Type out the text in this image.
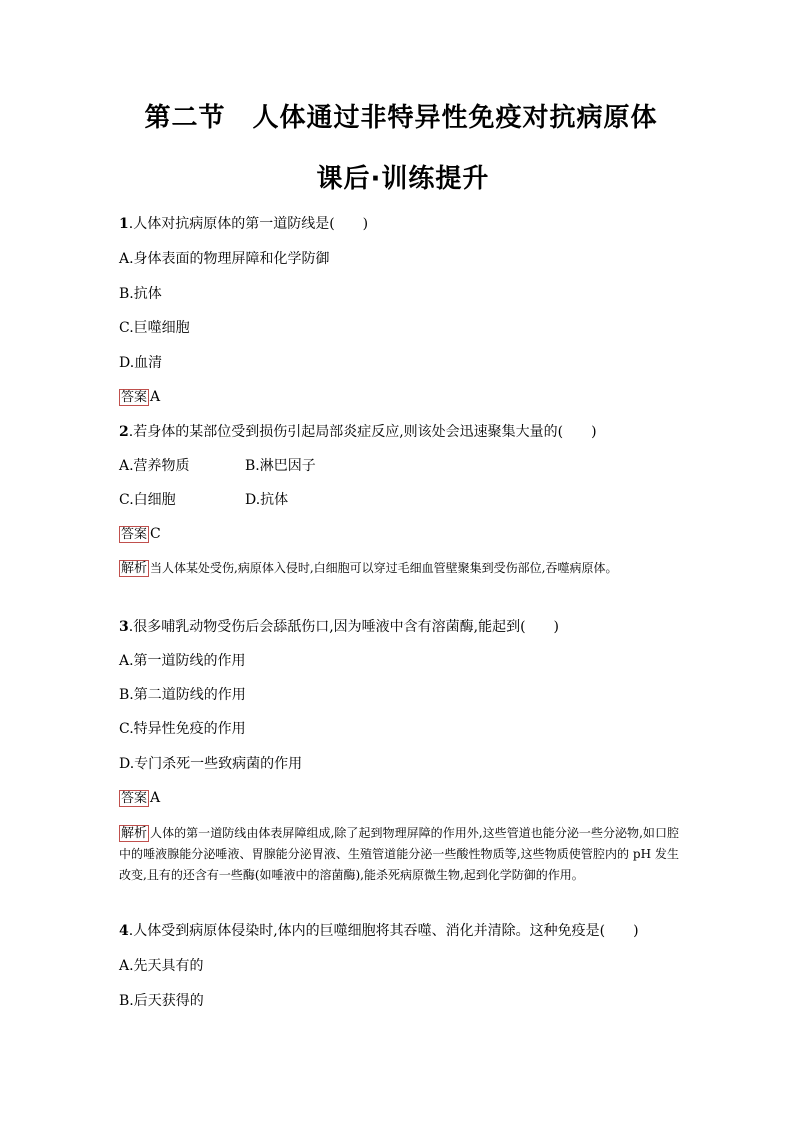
第二节　人体通过非特异性免疫对抗病原体
课后·训练提升
1.人体对抗病原体的第一道防线是(　　)
A.身体表面的物理屏障和化学防御
B.抗体
C.巨噬细胞
D.血清
答案 A
2.若身体的某部位受到损伤引起局部炎症反应,则该处会迅速聚集大量的(　　)
A.营养物质	B.淋巴因子
C.白细胞	D.抗体
答案 C
解析 当人体某处受伤,病原体入侵时,白细胞可以穿过毛细血管壁聚集到受伤部位,吞噬病原体。
3.很多哺乳动物受伤后会舔舐伤口,因为唾液中含有溶菌酶,能起到(　　)
A.第一道防线的作用
B.第二道防线的作用
C.特异性免疫的作用
D.专门杀死一些致病菌的作用
答案 A
解析 人体的第一道防线由体表屏障组成,除了起到物理屏障的作用外,这些管道也能分泌一些分泌物,如口腔中的唾液腺能分泌唾液、胃腺能分泌胃液、生殖管道能分泌一些酸性物质等,这些物质使管腔内的 pH 发生改变,且有的还含有一些酶(如唾液中的溶菌酶),能杀死病原微生物,起到化学防御的作用。
4.人体受到病原体侵染时,体内的巨噬细胞将其吞噬、消化并清除。这种免疫是(　　)
A.先天具有的
B.后天获得的
